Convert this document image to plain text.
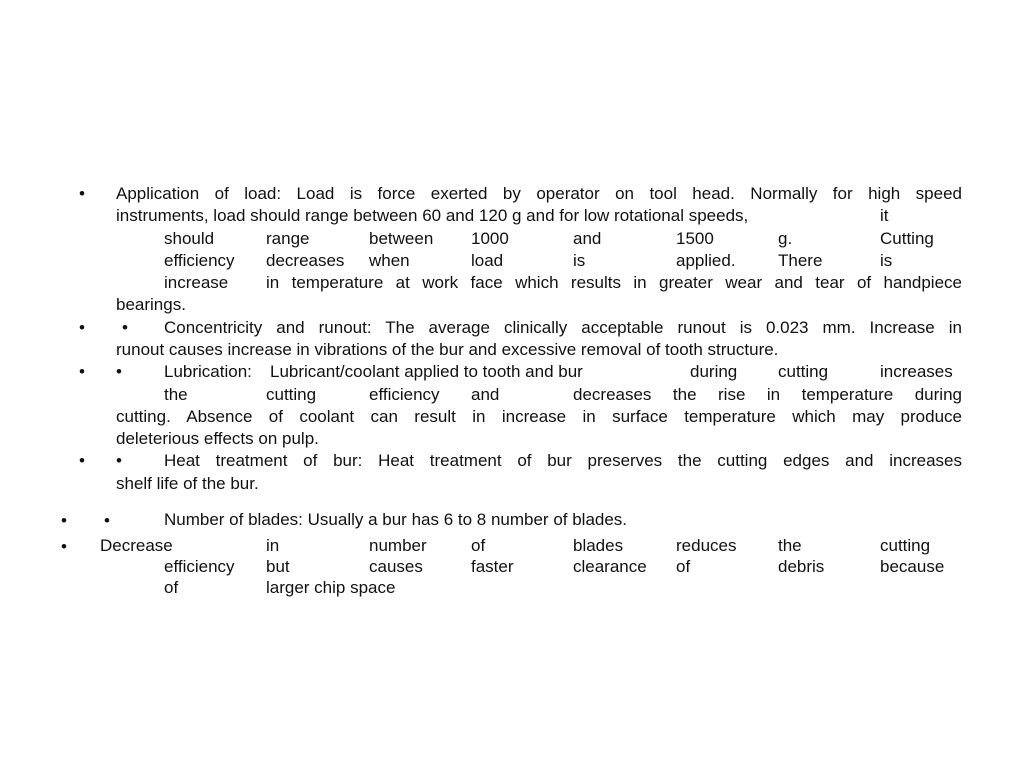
• Application of load: Load is force exerted by operator on tool head. Normally for high speed
instruments, load should range between 60 and 120 g and for low rotational speeds,	it
should	range	between 1000	and	1500	g.	Cutting
efficiency decreases when	load	is	applied. There	is
increase in temperature at work face which results in greater wear and tear of handpiece
bearings.
• • Concentricity and runout: The average clinically acceptable runout is 0.023 mm. Increase in
runout causes increase in vibrations of the bur and excessive removal of tooth structure.
• • Lubrication: Lubricant/coolant applied to tooth and bur	during cutting	increases
the	cutting	efficiency and	decreases the rise in temperature during
cutting. Absence of coolant can result in increase in surface temperature which may produce
deleterious effects on pulp.
• • Heat treatment of bur: Heat treatment of bur preserves the cutting edges and increases
shelf life of the bur.
• •	Number of blades: Usually a bur has 6 to 8 number of blades.
• Decrease	in	number	of	blades	reduces the	cutting
efficiency but	causes	faster	clearance of	debris	because
of	larger chip space
